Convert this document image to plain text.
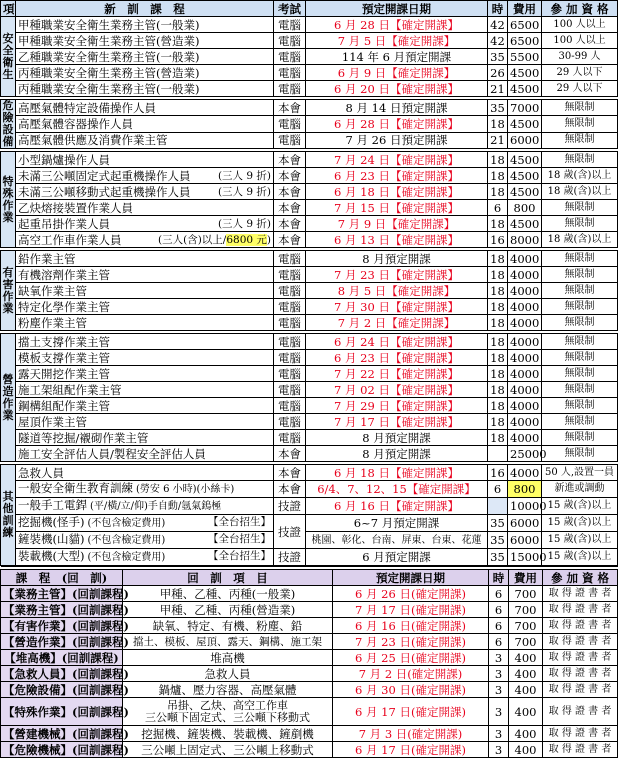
項	新　訓　課　程	考試	預定開課日期	時	費用	參 加 資 格
安全衛生	甲種職業安全衛生業務主管(一般業)	電腦	6 月 28 日【確定開課】	42	6500	100 人以上
	甲種職業安全衛生業務主管(營造業)	電腦	7 月 5 日【確定開課】	42	6500	100 人以上
	乙種職業安全衛生業務主管(一般業)	電腦	114 年 6 月預定開課	35	5500	30-99 人
	丙種職業安全衛生業務主管(營造業)	電腦	6 月 9 日【確定開課】	26	4500	29 人以下
	丙種職業安全衛生業務主管(一般業)	電腦	6 月 20 日【確定開課】	21	4500	29 人以下

危險設備	高壓氣體特定設備操作人員	本會	8 月 14 日預定開課	35	7000	無限制
	高壓氣體容器操作人員	電腦	6 月 28 日【確定開課】	18	4500	無限制
	高壓氣體供應及消費作業主管	電腦	7 月 26 日預定開課	21	6000	無限制

特殊作業	小型鍋爐操作人員	本會	7 月 24 日【確定開課】	18	4500	無限制
	未滿三公噸固定式起重機操作人員 (三人 9 折)	本會	6 月 23 日【確定開課】	18	4500	18 歲(含)以上
	未滿三公噸移動式起重機操作人員 (三人 9 折)	本會	6 月 18 日【確定開課】	18	4500	18 歲(含)以上
	乙炔熔接裝置作業人員	本會	7 月 15 日【確定開課】	6	800	無限制
	起重吊掛作業人員 (三人 9 折)	本會	7 月 9 日【確定開課】	18	4500	無限制
	高空工作車作業人員 (三人(含)以上/6800 元)	本會	6 月 13 日【確定開課】	16	8000	18 歲(含)以上

有害作業	鉛作業主管	電腦	8 月預定開課	18	4000	無限制
	有機溶劑作業主管	電腦	7 月 23 日【確定開課】	18	4000	無限制
	缺氧作業主管	電腦	8 月 5 日【確定開課】	18	4000	無限制
	特定化學作業主管	電腦	7 月 30 日【確定開課】	18	4000	無限制
	粉塵作業主管	電腦	7 月 2 日【確定開課】	18	4000	無限制

營造作業	擋土支撐作業主管	電腦	6 月 24 日【確定開課】	18	4000	無限制
	模板支撐作業主管	電腦	6 月 23 日【確定開課】	18	4000	無限制
	露天開挖作業主管	電腦	7 月 22 日【確定開課】	18	4000	無限制
	施工架組配作業主管	電腦	7 月 02 日【確定開課】	18	4000	無限制
	鋼構組配作業主管	電腦	7 月 29 日【確定開課】	18	4000	無限制
	屋頂作業主管	電腦	7 月 17 日【確定開課】	18	4000	無限制
	隧道等挖掘/襯砌作業主管	電腦	8 月預定開課	18	4000	無限制
	施工安全評估人員/製程安全評估人員	本會	8 月預定開課		25000	無限制

其他訓練	急救人員	本會	6 月 18 日【確定開課】	16	4000	50 人,設置一員
	一般安全衛生教育訓練 (勞安 6 小時)(小絲卡)	本會	6/4、7、12、15【確定開課】	6	800	新進或調動
	一般手工電銲 (平/橫/立/仰)手自動/氬氣鎢極	技證	6 月 16 日【確定開課】		10000	15 歲(含)以上
	挖掘機(怪手) (不包含檢定費用) 【全台招生】	技證	6~7 月預定開課	35	6000	15 歲(含)以上
	鏟裝機(山貓) (不包含檢定費用) 【全台招生】		桃園、彰化、台南、屏東、台東、花蓮	35	6000	15 歲(含)以上
	裝載機(大型) (不包含檢定費用) 【全台招生】	技證	6 月預定開課	35	15000	15 歲(含)以上

課　程　(回　訓)	回　訓　項　目	預定開課日期	時	費用	參 加 資 格
【業務主管】(回訓課程)	甲種、乙種、丙種(一般業)	6 月 26 日(確定開課)	6	700	取 得 證 書 者
【業務主管】(回訓課程)	甲種、乙種、丙種(營造業)	7 月 17 日(確定開課)	6	700	取 得 證 書 者
【有害作業】(回訓課程)	缺氧、特定、有機、粉塵、鉛	6 月 16 日(確定開課)	6	700	取 得 證 書 者
【營造作業】(回訓課程)	擋土、模板、屋頂、露天、鋼構、施工架	7 月 23 日(確定開課)	6	700	取 得 證 書 者
【堆高機】(回訓課程)	堆高機	6 月 25 日(確定開課)	3	400	取 得 證 書 者
【急救人員】(回訓課程)	急救人員	7 月 2 日(確定開課)	3	400	取 得 證 書 者
【危險設備】(回訓課程)	鍋爐、壓力容器、高壓氣體	6 月 30 日(確定開課)	3	400	取 得 證 書 者
【特殊作業】(回訓課程)	吊掛、乙炔、高空工作車
三公噸下固定式、三公噸下移動式	6 月 17 日(確定開課)	3	400	取 得 證 書 者
【營建機械】(回訓課程)	挖掘機、鏟裝機、裝載機、鏟剷機	7 月 3 日(確定開課)	3	400	取 得 證 書 者
【危險機械】(回訓課程)	三公噸上固定式、三公噸上移動式	6 月 17 日(確定開課)	3	400	取 得 證 書 者
